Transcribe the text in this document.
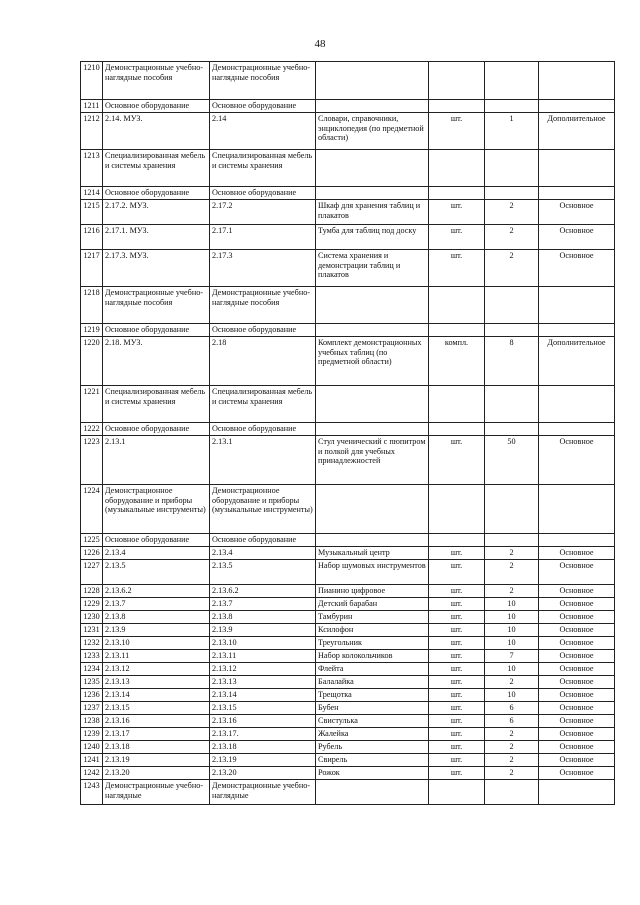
48
1210	Демонстрационные учебно-наглядные пособия	Демонстрационные учебно-наглядные пособия				
1211	Основное оборудование	Основное оборудование				
1212	2.14. МУЗ.	2.14	Словари, справочники, энциклопедия (по предметной области)	шт.	1	Дополнительное
1213	Специализированная мебель и системы хранения	Специализированная мебель и системы хранения				
1214	Основное оборудование	Основное оборудование				
1215	2.17.2. МУЗ.	2.17.2	Шкаф для хранения таблиц и плакатов	шт.	2	Основное
1216	2.17.1. МУЗ.	2.17.1	Тумба для таблиц под доску	шт.	2	Основное
1217	2.17.3. МУЗ.	2.17.3	Система хранения и демонстрации таблиц и плакатов	шт.	2	Основное
1218	Демонстрационные учебно-наглядные пособия	Демонстрационные учебно-наглядные пособия				
1219	Основное оборудование	Основное оборудование				
1220	2.18. МУЗ.	2.18	Комплект демонстрационных учебных таблиц (по предметной области)	компл.	8	Дополнительное
1221	Специализированная мебель и системы хранения	Специализированная мебель и системы хранения				
1222	Основное оборудование	Основное оборудование				
1223	2.13.1	2.13.1	Стул ученический с пюпитром и полкой для учебных принадлежностей	шт.	50	Основное
1224	Демонстрационное оборудование и приборы (музыкальные инструменты)	Демонстрационное оборудование и приборы (музыкальные инструменты)				
1225	Основное оборудование	Основное оборудование				
1226	2.13.4	2.13.4	Музыкальный центр	шт.	2	Основное
1227	2.13.5	2.13.5	Набор шумовых инструментов	шт.	2	Основное
1228	2.13.6.2	2.13.6.2	Пианино цифровое	шт.	2	Основное
1229	2.13.7	2.13.7	Детский барабан	шт.	10	Основное
1230	2.13.8	2.13.8	Тамбурин	шт.	10	Основное
1231	2.13.9	2.13.9	Ксилофон	шт.	10	Основное
1232	2.13.10	2.13.10	Треугольник	шт.	10	Основное
1233	2.13.11	2.13.11	Набор колокольчиков	шт.	7	Основное
1234	2.13.12	2.13.12	Флейта	шт.	10	Основное
1235	2.13.13	2.13.13	Балалайка	шт.	2	Основное
1236	2.13.14	2.13.14	Трещотка	шт.	10	Основное
1237	2.13.15	2.13.15	Бубен	шт.	6	Основное
1238	2.13.16	2.13.16	Свистулька	шт.	6	Основное
1239	2.13.17	2.13.17.	Жалейка	шт.	2	Основное
1240	2.13.18	2.13.18	Рубель	шт.	2	Основное
1241	2.13.19	2.13.19	Свирель	шт.	2	Основное
1242	2.13.20	2.13.20	Рожок	шт.	2	Основное
1243	Демонстрационные учебно-наглядные	Демонстрационные учебно-наглядные				
